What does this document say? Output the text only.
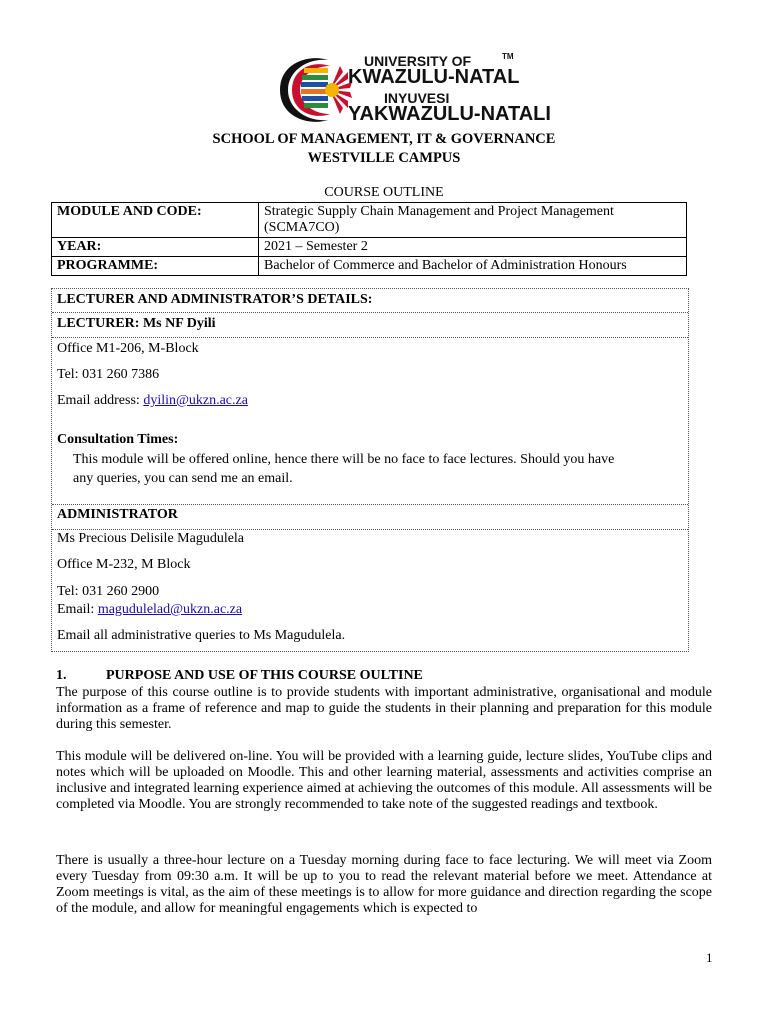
UNIVERSITY OF	TM
KWAZULU-NATAL
INYUVESI
YAKWAZULU-NATALI
SCHOOL OF MANAGEMENT, IT & GOVERNANCE
WESTVILLE CAMPUS
COURSE OUTLINE
MODULE AND CODE:	Strategic Supply Chain Management and Project Management (SCMA7CO)
YEAR:	2021 – Semester 2
PROGRAMME:	Bachelor of Commerce and Bachelor of Administration Honours
LECTURER AND ADMINISTRATOR’S DETAILS:
LECTURER: Ms NF Dyili
Office M1-206, M-Block
Tel: 031 260 7386
Email address: dyilin@ukzn.ac.za
Consultation Times:
This module will be offered online, hence there will be no face to face lectures. Should you have
any queries, you can send me an email.
ADMINISTRATOR
Ms Precious Delisile Magudulela
Office M-232, M Block
Tel: 031 260 2900
Email: magudulelad@ukzn.ac.za
Email all administrative queries to Ms Magudulela.
1.	PURPOSE AND USE OF THIS COURSE OULTINE
The purpose of this course outline is to provide students with important administrative, organisational and module information as a frame of reference and map to guide the students in their planning and preparation for this module during this semester.
This module will be delivered on-line. You will be provided with a learning guide, lecture slides, YouTube clips and notes which will be uploaded on Moodle. This and other learning material, assessments and activities comprise an inclusive and integrated learning experience aimed at achieving the outcomes of this module. All assessments will be completed via Moodle. You are strongly recommended to take note of the suggested readings and textbook.
There is usually a three-hour lecture on a Tuesday morning during face to face lecturing. We will meet via Zoom every Tuesday from 09:30 a.m. It will be up to you to read the relevant material before we meet. Attendance at Zoom meetings is vital, as the aim of these meetings is to allow for more guidance and direction regarding the scope of the module, and allow for meaningful engagements which is expected to
1
